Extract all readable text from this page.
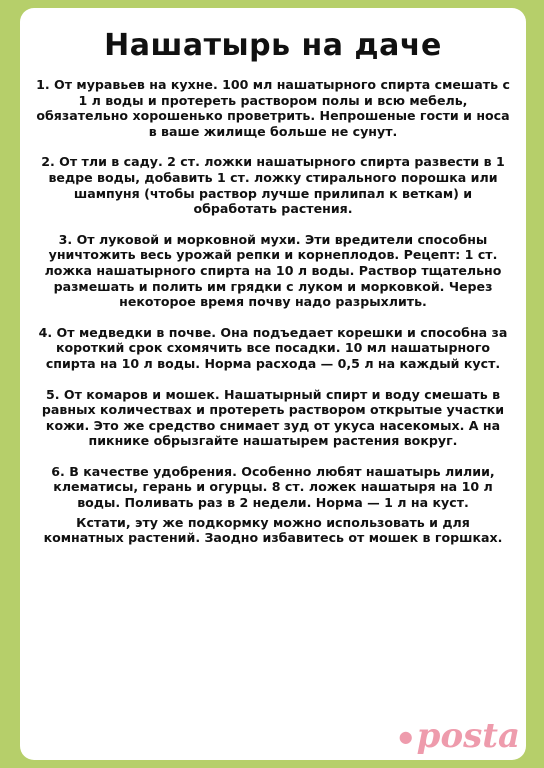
Нашатырь на даче

1. От муравьев на кухне. 100 мл нашатырного спирта смешать с 1 л воды и протереть раствором полы и всю мебель, обязательно хорошенько проветрить. Непрошеные гости и носа в ваше жилище больше не сунут.

2. От тли в саду. 2 ст. ложки нашатырного спирта развести в 1 ведре воды, добавить 1 ст. ложку стирального порошка или шампуня (чтобы раствор лучше прилипал к веткам) и обработать растения.

3. От луковой и морковной мухи. Эти вредители способны уничтожить весь урожай репки и корнеплодов. Рецепт: 1 ст. ложка нашатырного спирта на 10 л воды. Раствор тщательно размешать и полить им грядки с луком и морковкой. Через некоторое время почву надо разрыхлить.

4. От медведки в почве. Она подъедает корешки и способна за короткий срок схомячить все посадки. 10 мл нашатырного спирта на 10 л воды. Норма расхода — 0,5 л на каждый куст.

5. От комаров и мошек. Нашатырный спирт и воду смешать в равных количествах и протереть раствором открытые участки кожи. Это же средство снимает зуд от укуса насекомых. А на пикнике обрызгайте нашатырем растения вокруг.

6. В качестве удобрения. Особенно любят нашатырь лилии, клематисы, герань и огурцы. 8 ст. ложек нашатыря на 10 л воды. Поливать раз в 2 недели. Норма — 1 л на куст.

Кстати, эту же подкормку можно использовать и для комнатных растений. Заодно избавитесь от мошек в горшках.

● posta
